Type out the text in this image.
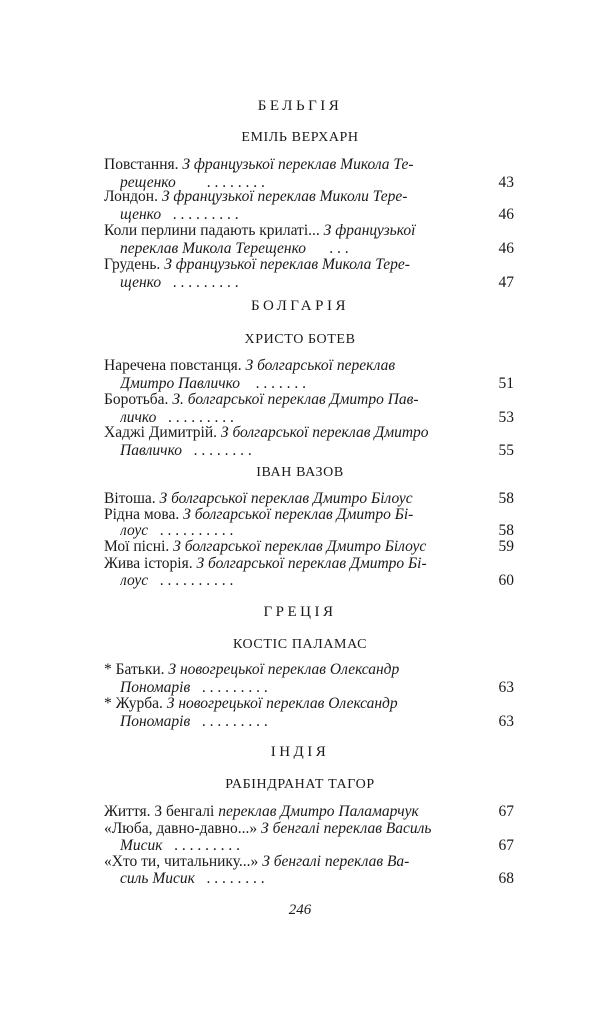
БЕЛЬГІЯ
ЕМІЛЬ ВЕРХАРН
Повстання. З французької переклав Микола Те-
рещенко . . . . . . . .	43
Лондон. З французької переклав Миколи Тере-
щенко . . . . . . . . .	46
Коли перлини падають крилаті... З французької
переклав Микола Терещенко . . .	46
Грудень. З французької переклав Микола Тере-
щенко . . . . . . . . .	47
БОЛГАРІЯ
ХРИСТО БОТЕВ
Наречена повстанця. З болгарської переклав
Дмитро Павличко . . . . . . .	51
Боротьба. З. болгарської переклав Дмитро Пав-
личко . . . . . . . . .	53
Хаджі Димитрій. З болгарської переклав Дмитро
Павличко . . . . . . . .	55
ІВАН ВАЗОВ
Вітоша. З болгарської переклав Дмитро Білоус	58
Рідна мова. З болгарської переклав Дмитро Бі-
лоус . . . . . . . . . .	58
Мої пісні. З болгарської переклав Дмитро Білоус	59
Жива історія. З болгарської переклав Дмитро Бі-
лоус . . . . . . . . . .	60
ГРЕЦІЯ
КОСТІС ПАЛАМАС
* Батьки. З новогрецької переклав Олександр
Пономарів . . . . . . . . .	63
* Журба. З новогрецької переклав Олександр
Пономарів . . . . . . . . .	63
ІНДІЯ
РАБІНДРАНАТ ТАГОР
Життя. З бенгалі переклав Дмитро Паламарчук	67
«Люба, давно-давно...» З бенгалі переклав Василь
Мисик . . . . . . . . .	67
«Хто ти, читальнику...» З бенгалі переклав Ва-
силь Мисик . . . . . . . .	68
246
